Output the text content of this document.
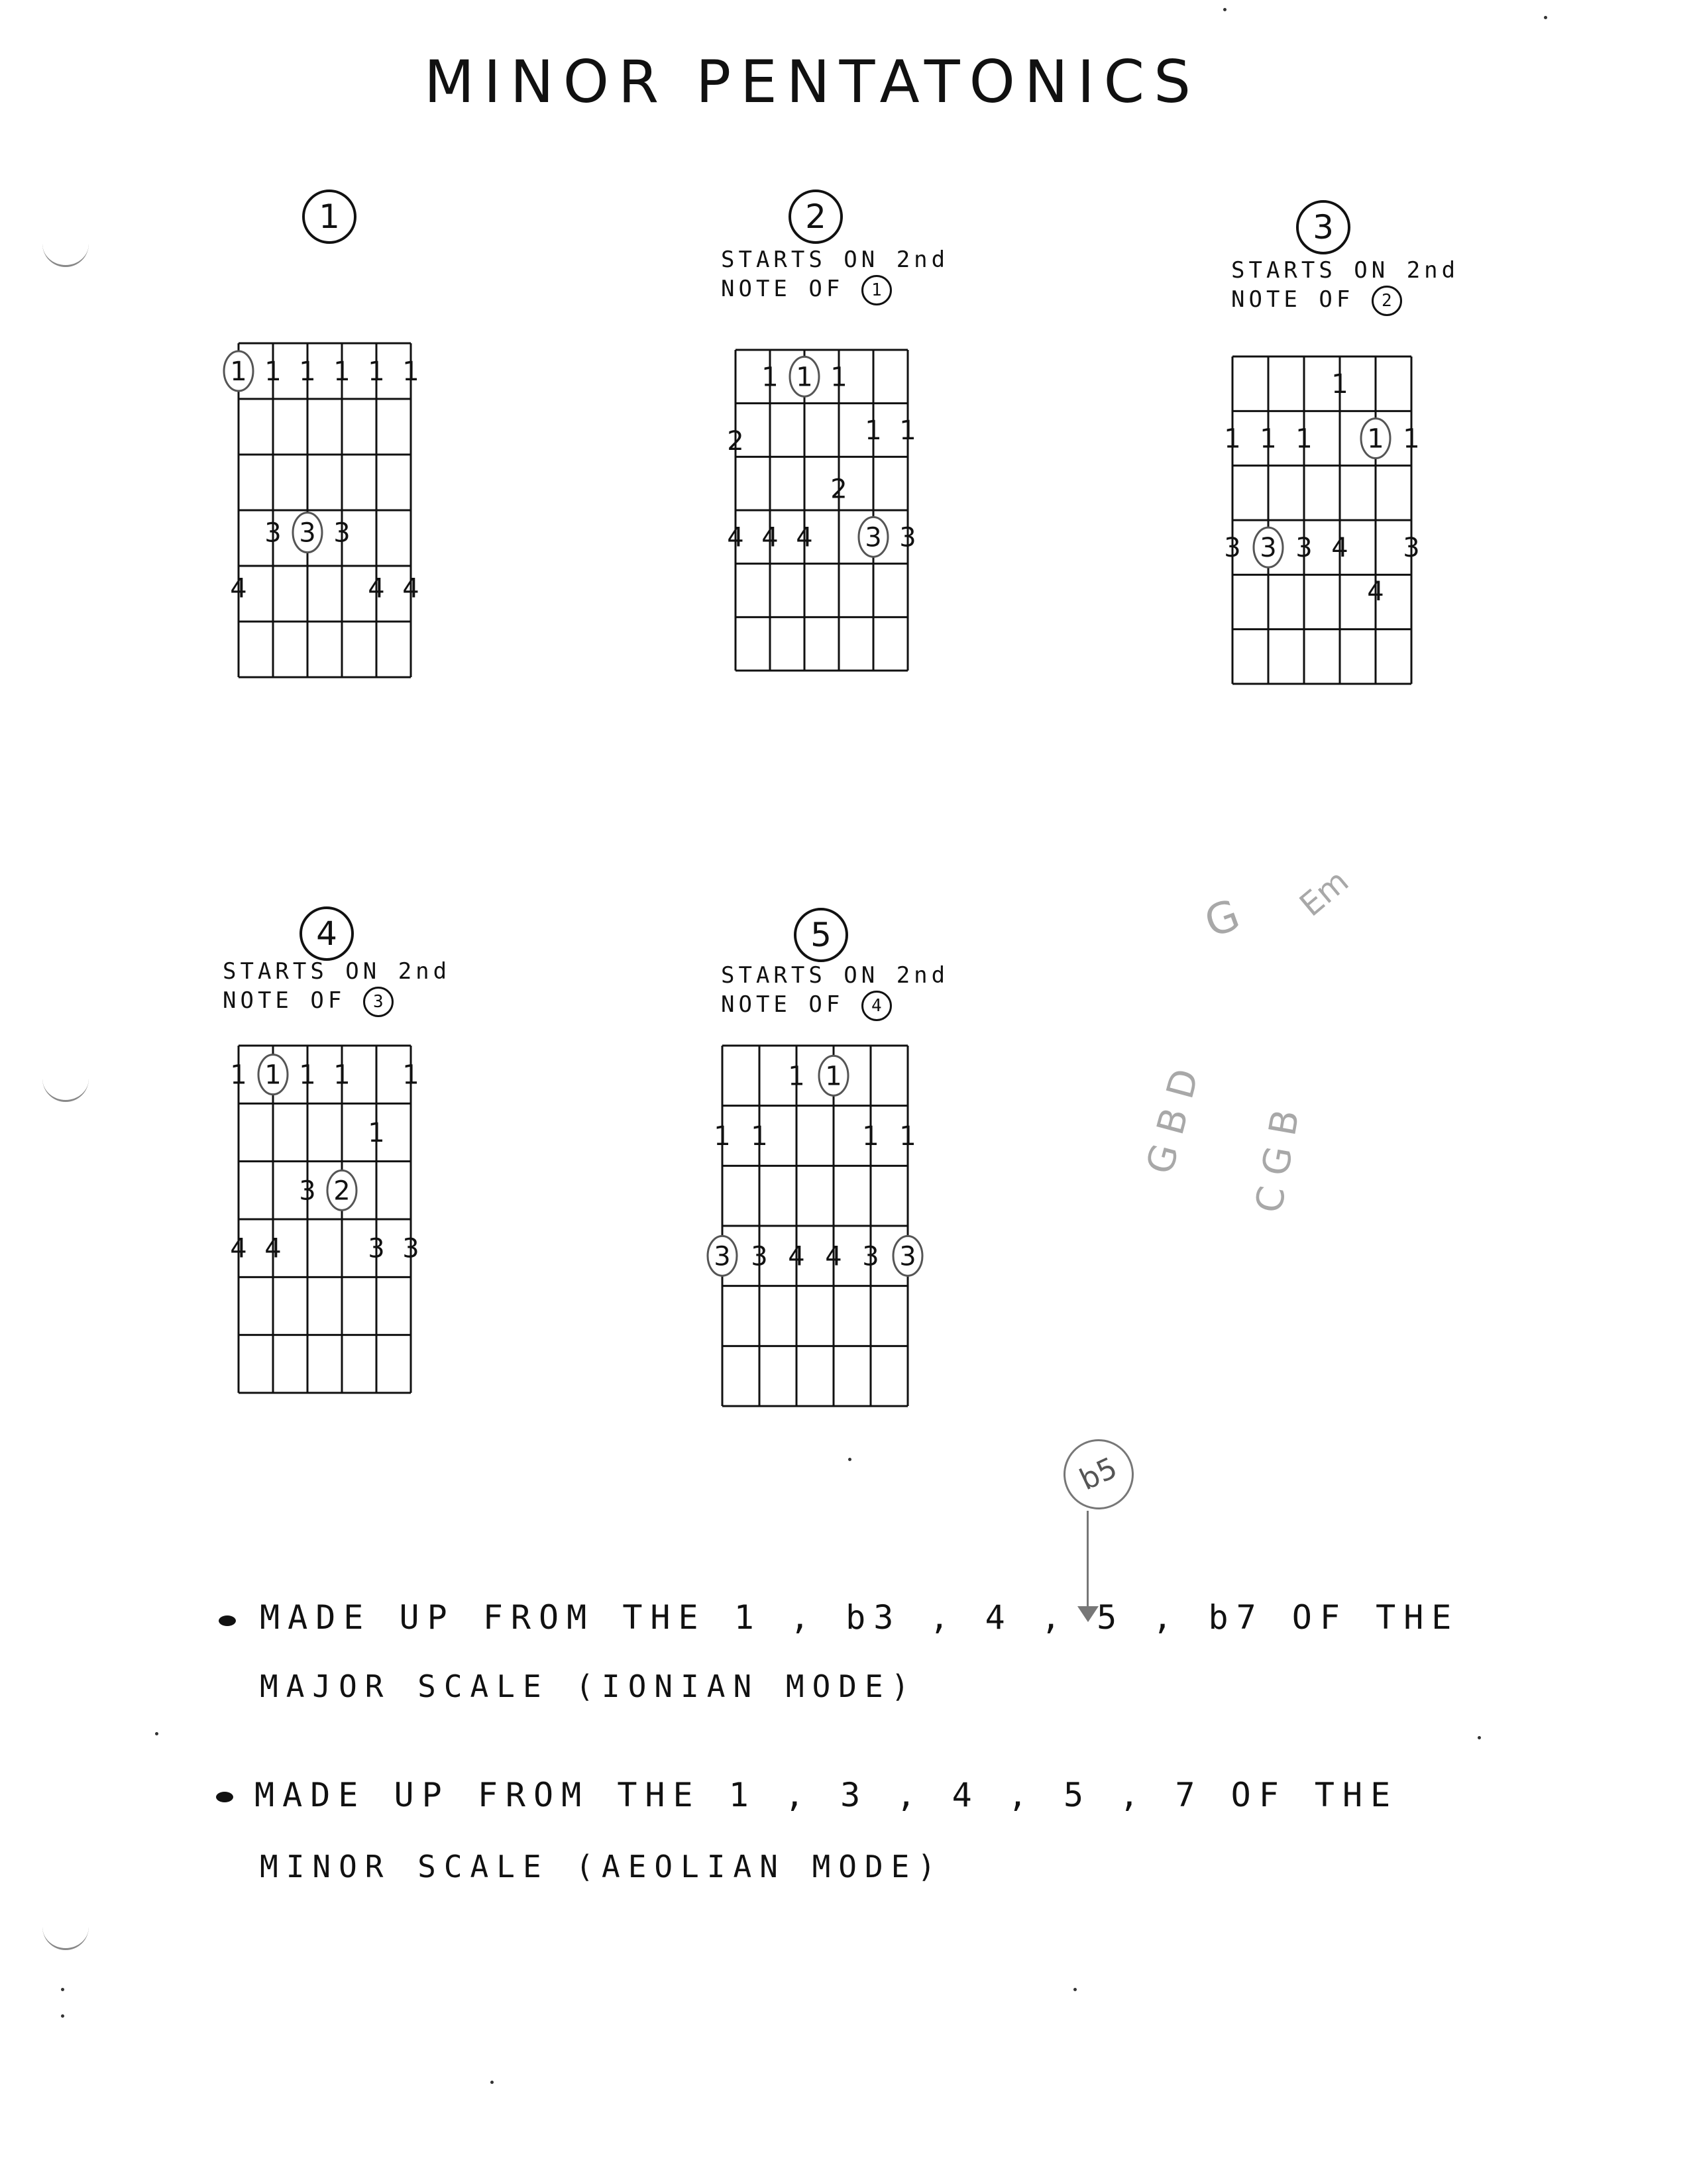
MINOR PENTATONICS
1	2	3
4	5
STARTS ON 2nd
NOTE OF 1
STARTS ON 2nd
NOTE OF 2
STARTS ON 2nd
NOTE OF 3
STARTS ON 2nd
NOTE OF 4
1 1 1 1 1 1
3 3 3
4	4 4
1 1 1
2	1 1
2
4 4 4 3 3
1
1 1 1 1 1
3 3 3 4 3
4
1 1 1 1 1
1
3 2
4 4	3 3
1 1
1 1	1 1
3 3 4 4 3 3
G Em
G B D C G B
b5
MADE UP FROM THE 1 , b3 , 4 , 5 , b7 OF THE
MAJOR SCALE (IONIAN MODE)
MADE UP FROM THE 1 , 3 , 4 , 5 , 7 OF THE
MINOR SCALE (AEOLIAN MODE)
